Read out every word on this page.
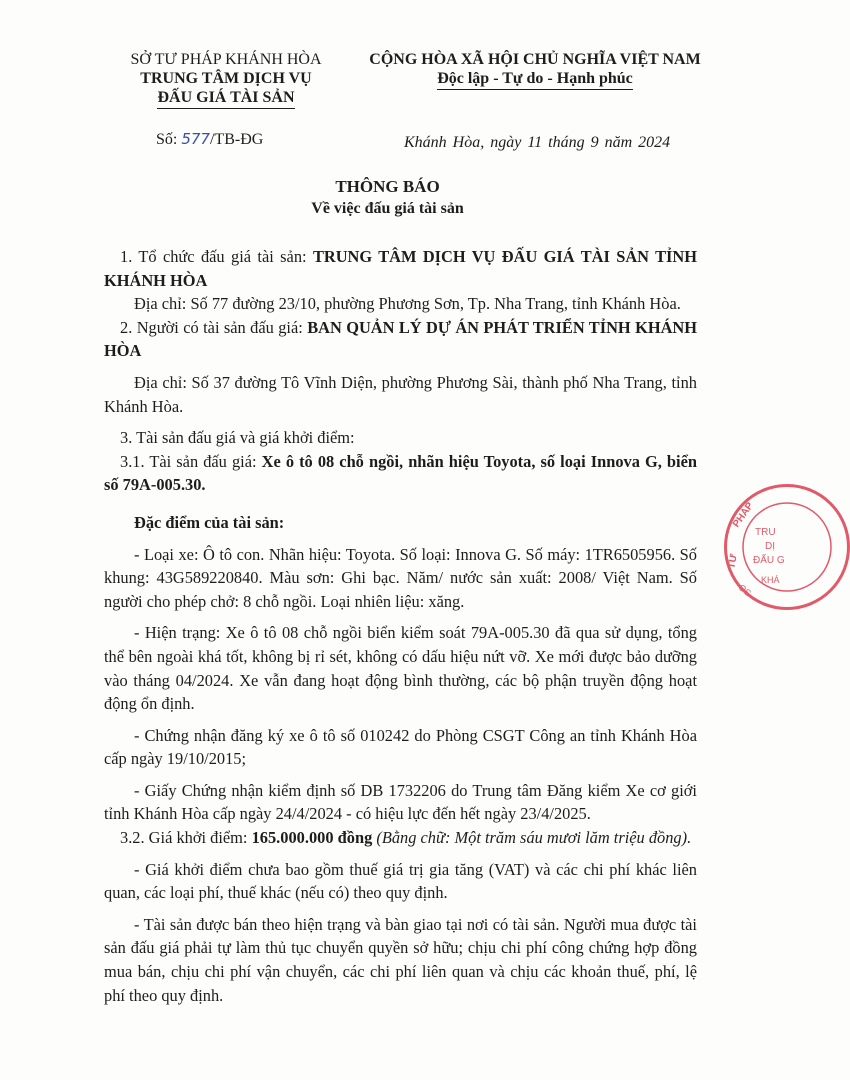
SỞ TƯ PHÁP KHÁNH HÒA
TRUNG TÂM DỊCH VỤ
ĐẤU GIÁ TÀI SẢN
CỘNG HÒA XÃ HỘI CHỦ NGHĨA VIỆT NAM
Độc lập - Tự do - Hạnh phúc
Số: 577/TB-ĐG	Khánh Hòa, ngày 11 tháng 9 năm 2024
THÔNG BÁO
Về việc đấu giá tài sản

1. Tổ chức đấu giá tài sản: TRUNG TÂM DỊCH VỤ ĐẤU GIÁ TÀI SẢN TỈNH KHÁNH HÒA

Địa chỉ: Số 77 đường 23/10, phường Phương Sơn, Tp. Nha Trang, tỉnh Khánh Hòa.

2. Người có tài sản đấu giá: BAN QUẢN LÝ DỰ ÁN PHÁT TRIỂN TỈNH KHÁNH HÒA

Địa chỉ: Số 37 đường Tô Vĩnh Diện, phường Phương Sài, thành phố Nha Trang, tỉnh Khánh Hòa.

3. Tài sản đấu giá và giá khởi điểm:

3.1. Tài sản đấu giá: Xe ô tô 08 chỗ ngồi, nhãn hiệu Toyota, số loại Innova G, biển số 79A-005.30.

Đặc điểm của tài sản:

- Loại xe: Ô tô con. Nhãn hiệu: Toyota. Số loại: Innova G. Số máy: 1TR6505956. Số khung: 43G589220840. Màu sơn: Ghi bạc. Năm/ nước sản xuất: 2008/ Việt Nam. Số người cho phép chở: 8 chỗ ngồi. Loại nhiên liệu: xăng.

- Hiện trạng: Xe ô tô 08 chỗ ngồi biển kiểm soát 79A-005.30 đã qua sử dụng, tổng thể bên ngoài khá tốt, không bị rỉ sét, không có dấu hiệu nứt vỡ. Xe mới được bảo dưỡng vào tháng 04/2024. Xe vẫn đang hoạt động bình thường, các bộ phận truyền động hoạt động ổn định.

- Chứng nhận đăng ký xe ô tô số 010242 do Phòng CSGT Công an tỉnh Khánh Hòa cấp ngày 19/10/2015;

- Giấy Chứng nhận kiểm định số DB 1732206 do Trung tâm Đăng kiểm Xe cơ giới tỉnh Khánh Hòa cấp ngày 24/4/2024 - có hiệu lực đến hết ngày 23/4/2025.

3.2. Giá khởi điểm: 165.000.000 đồng (Bằng chữ: Một trăm sáu mươi lăm triệu đồng).

- Giá khởi điểm chưa bao gồm thuế giá trị gia tăng (VAT) và các chi phí khác liên quan, các loại phí, thuế khác (nếu có) theo quy định.

- Tài sản được bán theo hiện trạng và bàn giao tại nơi có tài sản. Người mua được tài sản đấu giá phải tự làm thủ tục chuyển quyền sở hữu; chịu chi phí công chứng hợp đồng mua bán, chịu chi phí vận chuyển, các chi phí liên quan và chịu các khoản thuế, phí, lệ phí theo quy định.

PHÁP
TƯ
TRU
DỊ
ĐẤU G
KHÁ
OS
